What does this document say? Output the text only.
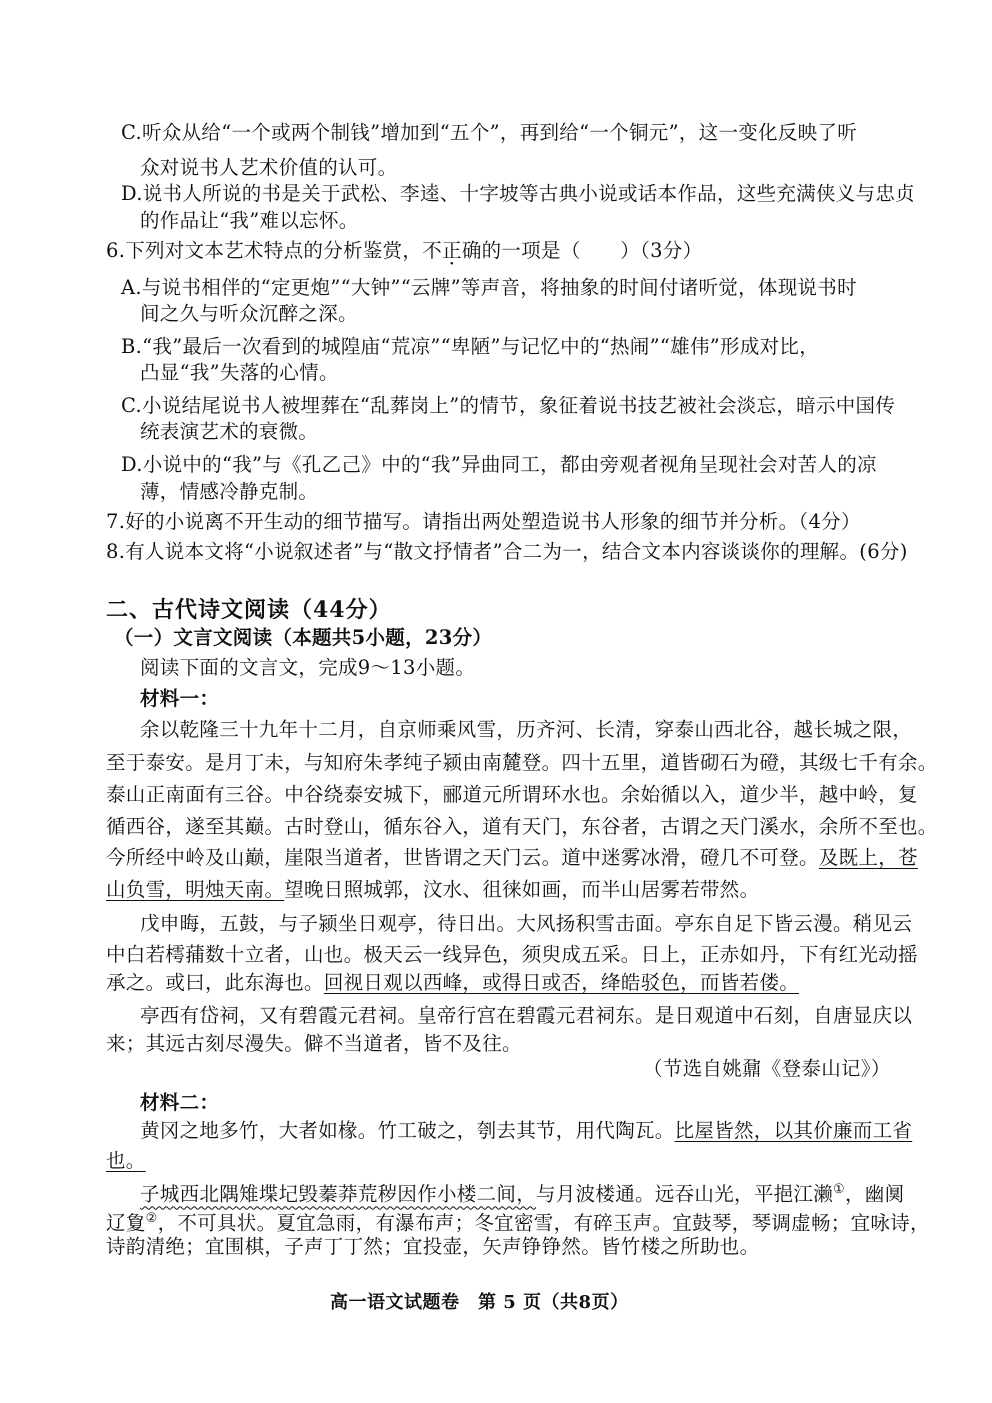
C.听众从给“一个或两个制钱”增加到“五个”，再到给“一个铜元”，这一变化反映了听
众对说书人艺术价值的认可。
D.说书人所说的书是关于武松、李逵、十字坡等古典小说或话本作品，这些充满侠义与忠贞
的作品让“我”难以忘怀。
6.下列对文本艺术特点的分析鉴赏，不正确的一项是（　　）（3分）
A.与说书相伴的“定更炮”“大钟”“云牌”等声音，将抽象的时间付诸听觉，体现说书时
间之久与听众沉醉之深。
B.“我”最后一次看到的城隍庙“荒凉”“卑陋”与记忆中的“热闹”“雄伟”形成对比，
凸显“我”失落的心情。
C.小说结尾说书人被埋葬在“乱葬岗上”的情节，象征着说书技艺被社会淡忘，暗示中国传
统表演艺术的衰微。
D.小说中的“我”与《孔乙己》中的“我”异曲同工，都由旁观者视角呈现社会对苦人的凉
薄，情感冷静克制。
7.好的小说离不开生动的细节描写。请指出两处塑造说书人形象的细节并分析。（4分）
8.有人说本文将“小说叙述者”与“散文抒情者”合二为一，结合文本内容谈谈你的理解。(6分)
二、古代诗文阅读（44分）
（一）文言文阅读（本题共5小题，23分）
阅读下面的文言文，完成9～13小题。
材料一：
余以乾隆三十九年十二月，自京师乘风雪，历齐河、长清，穿泰山西北谷，越长城之限，
至于泰安。是月丁未，与知府朱孝纯子颍由南麓登。四十五里，道皆砌石为磴，其级七千有余。
泰山正南面有三谷。中谷绕泰安城下，郦道元所谓环水也。余始循以入，道少半，越中岭，复
循西谷，遂至其巅。古时登山，循东谷入，道有天门，东谷者，古谓之天门溪水，余所不至也。
今所经中岭及山巅，崖限当道者，世皆谓之天门云。道中迷雾冰滑，磴几不可登。及既上，苍
山负雪，明烛天南。望晚日照城郭，汶水、徂徕如画，而半山居雾若带然。
戊申晦，五鼓，与子颍坐日观亭，待日出。大风扬积雪击面。亭东自足下皆云漫。稍见云
中白若樗蒱数十立者，山也。极天云一线异色，须臾成五采。日上，正赤如丹，下有红光动摇
承之。或曰，此东海也。回视日观以西峰，或得日或否，绛皓驳色，而皆若偻。
亭西有岱祠，又有碧霞元君祠。皇帝行宫在碧霞元君祠东。是日观道中石刻，自唐显庆以
来；其远古刻尽漫失。僻不当道者，皆不及往。
（节选自姚鼐《登泰山记》）
材料二：
黄冈之地多竹，大者如椽。竹工破之，刳去其节，用代陶瓦。比屋皆然，以其价廉而工省
也。
子城西北隅雉堞圮毁蓁莽荒秽因作小楼二间，与月波楼通。远吞山光，平挹江濑①，幽阒
辽夐②，不可具状。夏宜急雨，有瀑布声；冬宜密雪，有碎玉声。宜鼓琴，琴调虚畅；宜咏诗，
诗韵清绝；宜围棋，子声丁丁然；宜投壶，矢声铮铮然。皆竹楼之所助也。
高一语文试题卷　第 5 页（共8页）
